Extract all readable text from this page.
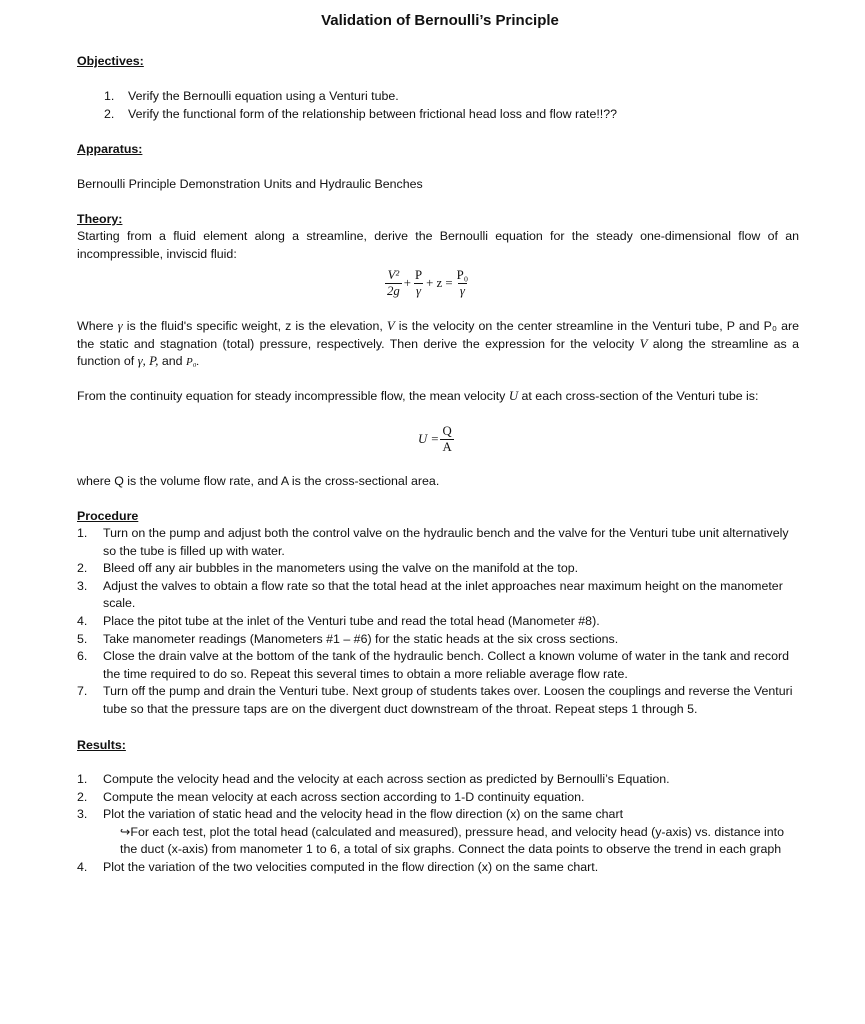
Validation of Bernoulli’s Principle
Objectives:
1. Verify the Bernoulli equation using a Venturi tube.
2. Verify the functional form of the relationship between frictional head loss and flow rate!!??
Apparatus:
Bernoulli Principle Demonstration Units and Hydraulic Benches
Theory:
Starting from a fluid element along a streamline, derive the Bernoulli equation for the steady one-dimensional flow of an incompressible, inviscid fluid:
$\frac{\text{V²}}{2g} + \frac{P}{\gamma} + z = \frac{\text{P₀}}{\gamma}$
Where γ is the fluid's specific weight, z is the elevation, V is the velocity on the center streamline in the Venturi tube, P and P₀ are the static and stagnation (total) pressure, respectively. Then derive the expression for the velocity V along the streamline as a function of γ, P, and P₀.
From the continuity equation for steady incompressible flow, the mean velocity U at each cross-section of the Venturi tube is:
$U = \frac{Q}{A}$
where Q is the volume flow rate, and A is the cross-sectional area.
Procedure
1. Turn on the pump and adjust both the control valve on the hydraulic bench and the valve for the Venturi tube unit alternatively so the tube is filled up with water.
2. Bleed off any air bubbles in the manometers using the valve on the manifold at the top.
3. Adjust the valves to obtain a flow rate so that the total head at the inlet approaches near maximum height on the manometer scale.
4. Place the pitot tube at the inlet of the Venturi tube and read the total head (Manometer #8).
5. Take manometer readings (Manometers #1 – #6) for the static heads at the six cross sections.
6. Close the drain valve at the bottom of the tank of the hydraulic bench. Collect a known volume of water in the tank and record the time required to do so. Repeat this several times to obtain a more reliable average flow rate.
7. Turn off the pump and drain the Venturi tube. Next group of students takes over. Loosen the couplings and reverse the Venturi tube so that the pressure taps are on the divergent duct downstream of the throat. Repeat steps 1 through 5.
Results:
1. Compute the velocity head and the velocity at each across section as predicted by Bernoulli’s Equation.
2. Compute the mean velocity at each across section according to 1-D continuity equation.
3. Plot the variation of static head and the velocity head in the flow direction (x) on the same chart
↪For each test, plot the total head (calculated and measured), pressure head, and velocity head (y-axis) vs. distance into the duct (x-axis) from manometer 1 to 6, a total of six graphs. Connect the data points to observe the trend in each graph
4. Plot the variation of the two velocities computed in the flow direction (x) on the same chart.
